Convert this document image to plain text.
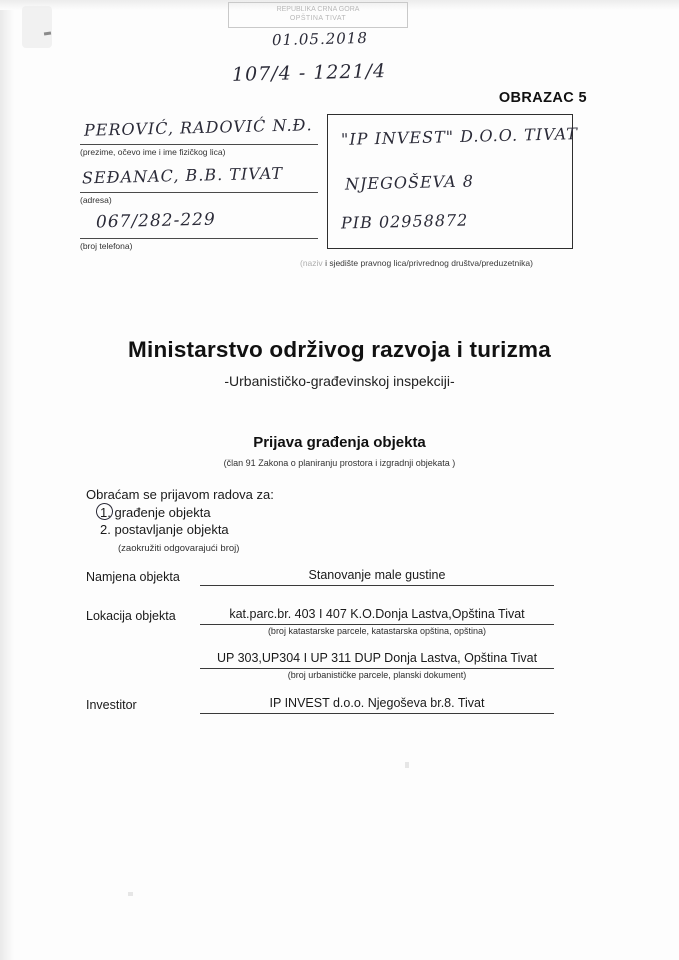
REPUBLIKA CRNA GORA
OPŠTINA TIVAT
01.05.2018
107/4 - 1221/4
OBRAZAC 5
PEROVIĆ, RADOVIĆ N.Đ.
(prezime, očevo ime i ime fizičkog lica)
SEĐANAC, B.B. TIVAT
(adresa)
067/282-229
(broj telefona)
"IP INVEST" D.O.O. TIVAT
NJEGOŠEVA 8
PIB 02958872
(naziv i sjedište pravnog lica/privrednog društva/preduzetnika)
Ministarstvo održivog razvoja i turizma
-Urbanističko-građevinskoj inspekciji-
Prijava građenja objekta
(član 91 Zakona o planiranju prostora i izgradnji objekata )
Obraćam se prijavom radova za:
1. građenje objekta
2. postavljanje objekta
(zaokružiti odgovarajući broj)
Namjena objekta	Stanovanje male gustine
Lokacija objekta	kat.parc.br. 403 I 407 K.O.Donja Lastva,Opština Tivat
(broj katastarske parcele, katastarska opština, opština)
UP 303,UP304 I UP 311 DUP Donja Lastva, Opština Tivat
(broj urbanističke parcele, planski dokument)
Investitor	IP INVEST d.o.o. Njegoševa br.8. Tivat
